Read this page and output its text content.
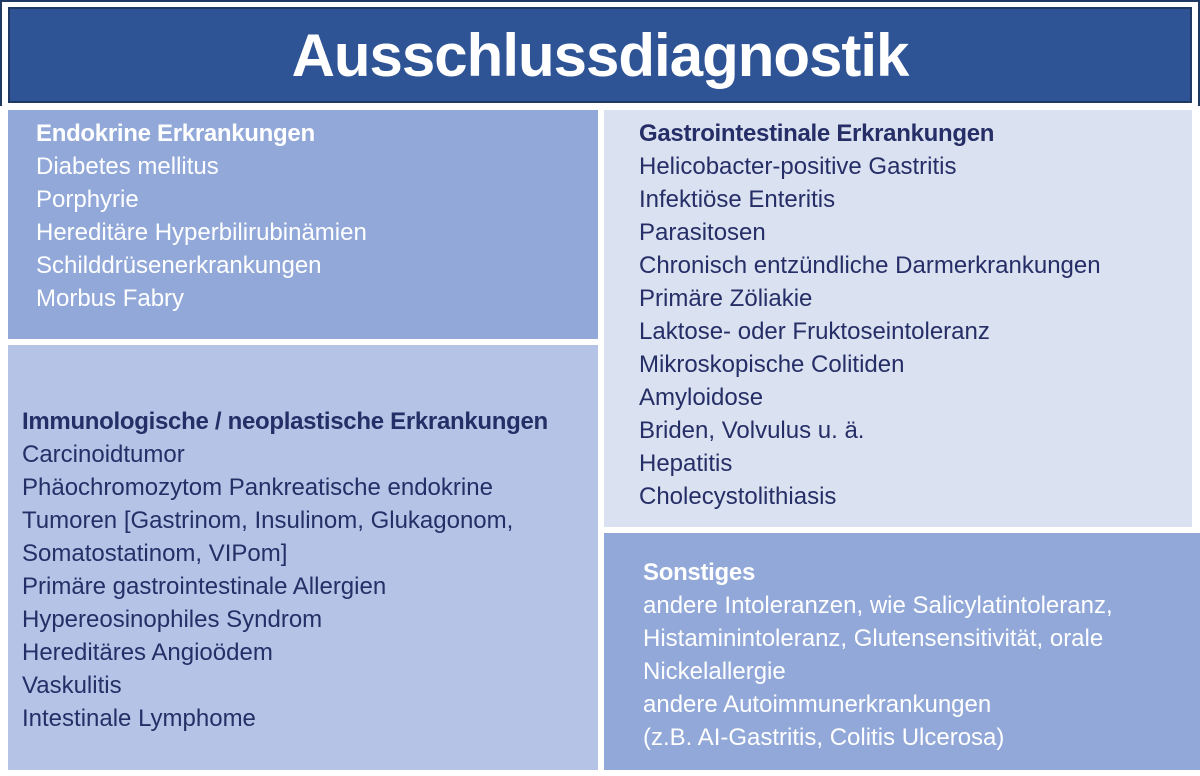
Ausschlussdiagnostik
Endokrine Erkrankungen
Diabetes mellitus
Porphyrie
Hereditäre Hyperbilirubinämien
Schilddrüsenerkrankungen
Morbus Fabry
Immunologische / neoplastische Erkrankungen
Carcinoidtumor
Phäochromozytom Pankreatische endokrine Tumoren [Gastrinom, Insulinom, Glukagonom, Somatostatinom, VIPom]
Primäre gastrointestinale Allergien
Hypereosinophiles Syndrom
Hereditäres Angioödem
Vaskulitis
Intestinale Lymphome
Gastrointestinale Erkrankungen
Helicobacter-positive Gastritis
Infektiöse Enteritis
Parasitosen
Chronisch entzündliche Darmerkrankungen
Primäre Zöliakie
Laktose- oder Fruktoseintoleranz
Mikroskopische Colitiden
Amyloidose
Briden, Volvulus u. ä.
Hepatitis
Cholecystolithiasis
Sonstiges
andere Intoleranzen, wie Salicylatintoleranz, Histaminintoleranz, Glutensensitivität, orale Nickelallergie
andere Autoimmunerkrankungen
(z.B. AI-Gastritis, Colitis Ulcerosa)
